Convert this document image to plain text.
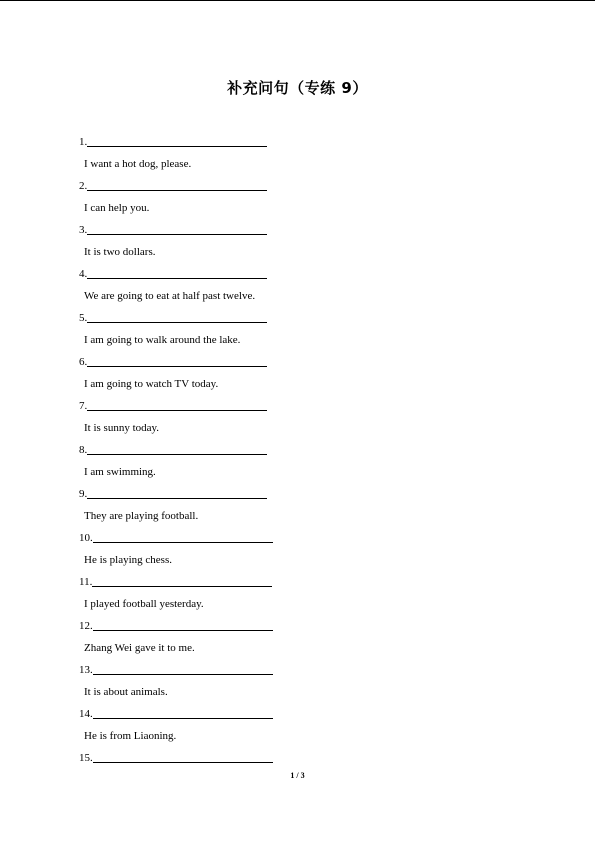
补充问句（专练 9）
1.
I want a hot dog, please.
2.
I can help you.
3.
It is two dollars.
4.
We are going to eat at half past twelve.
5.
I am going to walk around the lake.
6.
I am going to watch TV today.
7.
It is sunny today.
8.
I am swimming.
9.
They are playing football.
10.
He is playing chess.
11.
I played football yesterday.
12.
Zhang Wei gave it to me.
13.
It is about animals.
14.
He is from Liaoning.
15.
1 / 3
